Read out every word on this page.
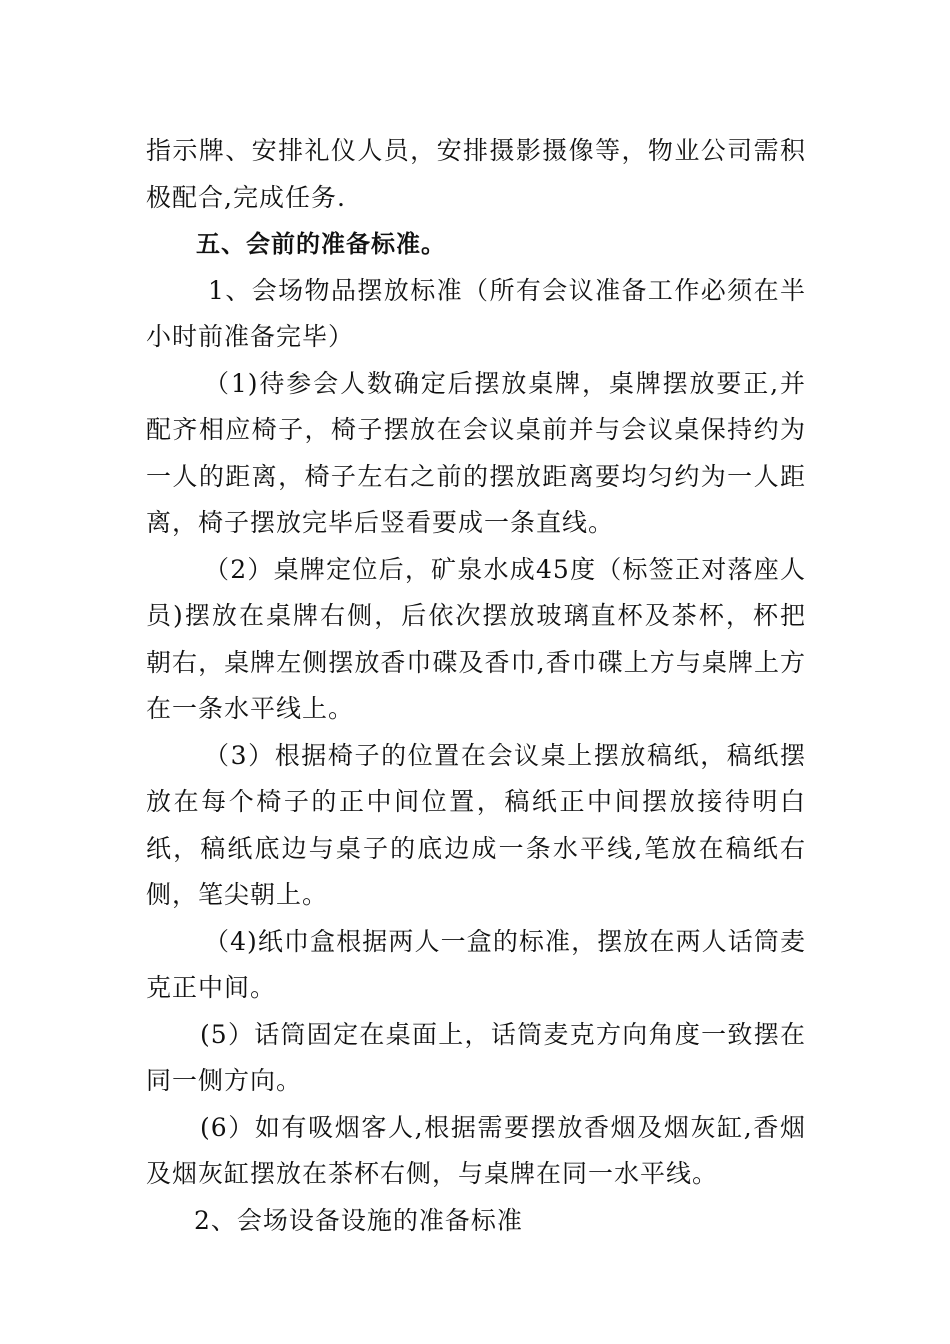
指示牌、安排礼仪人员，安排摄影摄像等，物业公司需积极配合,完成任务.

五、会前的准备标准。

1、会场物品摆放标准（所有会议准备工作必须在半小时前准备完毕）

（1)待参会人数确定后摆放桌牌，桌牌摆放要正,并配齐相应椅子，椅子摆放在会议桌前并与会议桌保持约为一人的距离，椅子左右之前的摆放距离要均匀约为一人距离，椅子摆放完毕后竖看要成一条直线。

（2）桌牌定位后，矿泉水成45度（标签正对落座人员)摆放在桌牌右侧，后依次摆放玻璃直杯及茶杯，杯把朝右，桌牌左侧摆放香巾碟及香巾,香巾碟上方与桌牌上方在一条水平线上。

（3）根据椅子的位置在会议桌上摆放稿纸，稿纸摆放在每个椅子的正中间位置，稿纸正中间摆放接待明白纸，稿纸底边与桌子的底边成一条水平线,笔放在稿纸右侧，笔尖朝上。

（4)纸巾盒根据两人一盒的标准，摆放在两人话筒麦克正中间。

(5）话筒固定在桌面上，话筒麦克方向角度一致摆在同一侧方向。

(6）如有吸烟客人,根据需要摆放香烟及烟灰缸,香烟及烟灰缸摆放在茶杯右侧，与桌牌在同一水平线。

2、会场设备设施的准备标准
